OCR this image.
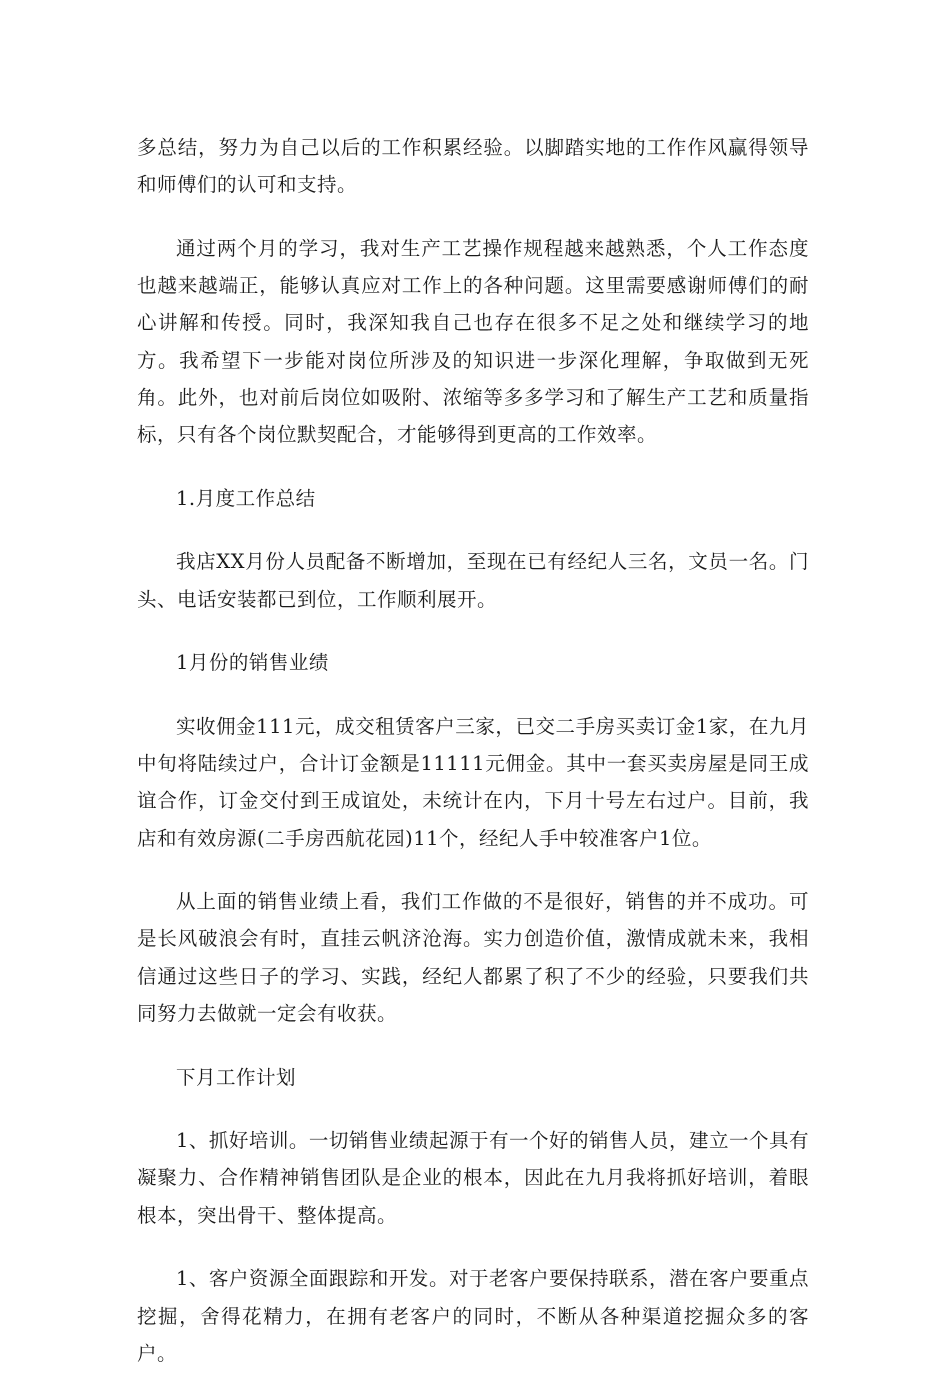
多总结，努力为自己以后的工作积累经验。以脚踏实地的工作作风赢得领导和师傅们的认可和支持。

通过两个月的学习，我对生产工艺操作规程越来越熟悉，个人工作态度也越来越端正，能够认真应对工作上的各种问题。这里需要感谢师傅们的耐心讲解和传授。同时，我深知我自己也存在很多不足之处和继续学习的地方。我希望下一步能对岗位所涉及的知识进一步深化理解，争取做到无死角。此外，也对前后岗位如吸附、浓缩等多多学习和了解生产工艺和质量指标，只有各个岗位默契配合，才能够得到更高的工作效率。

1.月度工作总结

我店XX月份人员配备不断增加，至现在已有经纪人三名，文员一名。门头、电话安装都已到位，工作顺利展开。

1月份的销售业绩

实收佣金111元，成交租赁客户三家，已交二手房买卖订金1家，在九月中旬将陆续过户，合计订金额是11111元佣金。其中一套买卖房屋是同王成谊合作，订金交付到王成谊处，未统计在内，下月十号左右过户。目前，我店和有效房源(二手房西航花园)11个，经纪人手中较准客户1位。

从上面的销售业绩上看，我们工作做的不是很好，销售的并不成功。可是长风破浪会有时，直挂云帆济沧海。实力创造价值，激情成就未来，我相信通过这些日子的学习、实践，经纪人都累了积了不少的经验，只要我们共同努力去做就一定会有收获。

下月工作计划

1、抓好培训。一切销售业绩起源于有一个好的销售人员，建立一个具有凝聚力、合作精神销售团队是企业的根本，因此在九月我将抓好培训，着眼根本，突出骨干、整体提高。

1、客户资源全面跟踪和开发。对于老客户要保持联系，潜在客户要重点挖掘，舍得花精力，在拥有老客户的同时，不断从各种渠道挖掘众多的客户。
